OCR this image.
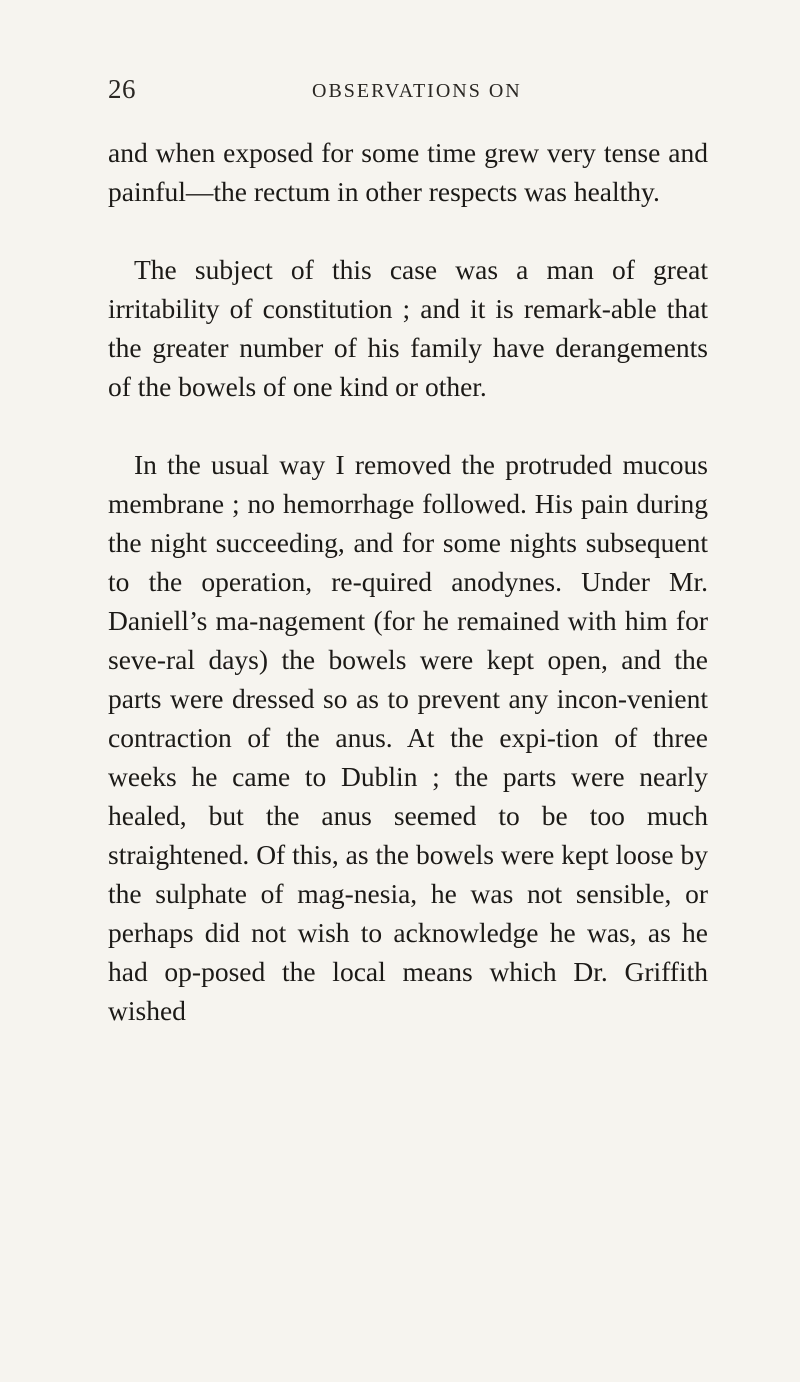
26	OBSERVATIONS ON

and when exposed for some time grew very tense and painful—the rectum in other respects was healthy.

The subject of this case was a man of great irritability of constitution ; and it is remark-able that the greater number of his family have derangements of the bowels of one kind or other.

In the usual way I removed the protruded mucous membrane ; no hemorrhage followed. His pain during the night succeeding, and for some nights subsequent to the operation, re-quired anodynes. Under Mr. Daniell’s ma-nagement (for he remained with him for seve-ral days) the bowels were kept open, and the parts were dressed so as to prevent any incon-venient contraction of the anus. At the expi-tion of three weeks he came to Dublin ; the parts were nearly healed, but the anus seemed to be too much straightened. Of this, as the bowels were kept loose by the sulphate of mag-nesia, he was not sensible, or perhaps did not wish to acknowledge he was, as he had op-posed the local means which Dr. Griffith wished
